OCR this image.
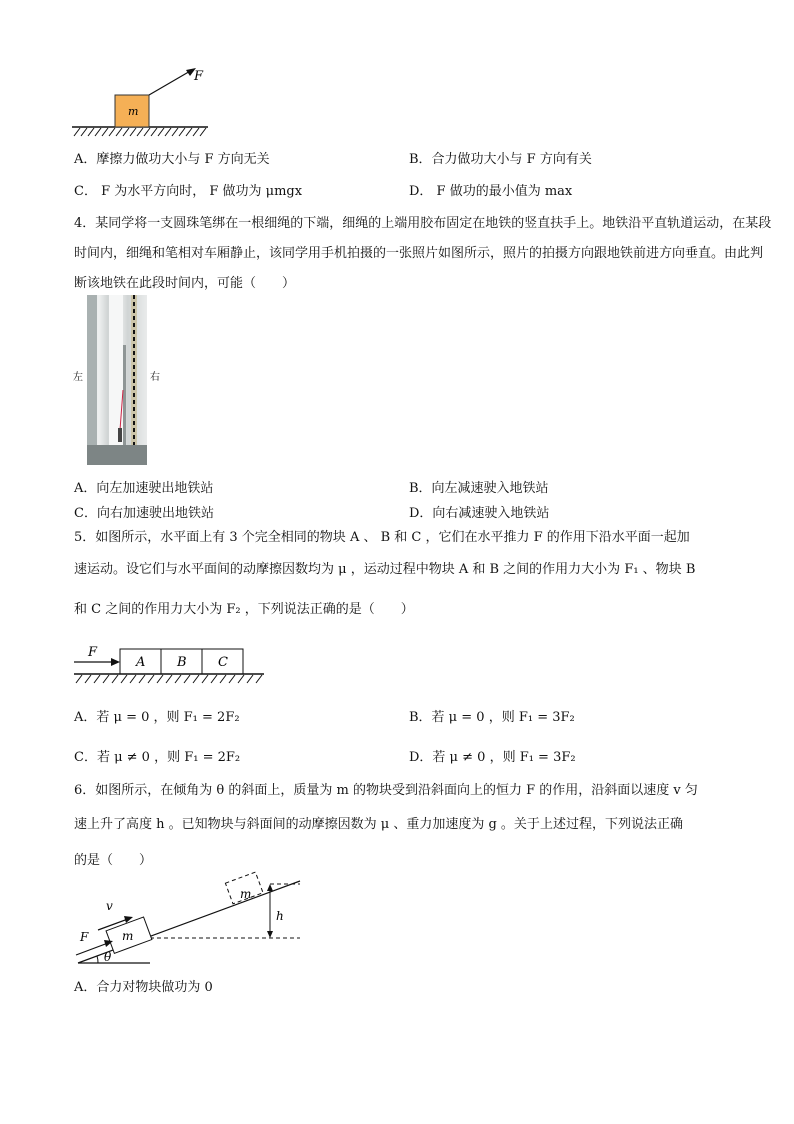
m
F
A．摩擦力做功大小与 F 方向无关	B．合力做功大小与 F 方向有关
C． F 为水平方向时， F 做功为 μmgx	D． F 做功的最小值为 max
4．某同学将一支圆珠笔绑在一根细绳的下端，细绳的上端用胶布固定在地铁的竖直扶手上。地铁沿平直轨道运动，在某段时间内，细绳和笔相对车厢静止，该同学用手机拍摄的一张照片如图所示，照片的拍摄方向跟地铁前进方向垂直。由此判断该地铁在此段时间内，可能（　　）
左	右
A．向左加速驶出地铁站	B．向左减速驶入地铁站
C．向右加速驶出地铁站	D．向右减速驶入地铁站
5．如图所示，水平面上有 3 个完全相同的物块 A 、 B 和 C ，它们在水平推力 F 的作用下沿水平面一起加
速运动。设它们与水平面间的动摩擦因数均为 μ ，运动过程中物块 A 和 B 之间的作用力大小为 F₁ 、物块 B
和 C 之间的作用力大小为 F₂ ，下列说法正确的是（　　）
F
A B C
A．若 μ = 0 ，则 F₁ = 2F₂	B．若 μ = 0 ，则 F₁ = 3F₂
C．若 μ ≠ 0 ，则 F₁ = 2F₂	D．若 μ ≠ 0 ，则 F₁ = 3F₂
6．如图所示，在倾角为 θ 的斜面上，质量为 m 的物块受到沿斜面向上的恒力 F 的作用，沿斜面以速度 v 匀
速上升了高度 h 。已知物块与斜面间的动摩擦因数为 μ 、重力加速度为 g 。关于上述过程，下列说法正确
的是（　　）
θ
m
m
v
F
h
A．合力对物块做功为 0
